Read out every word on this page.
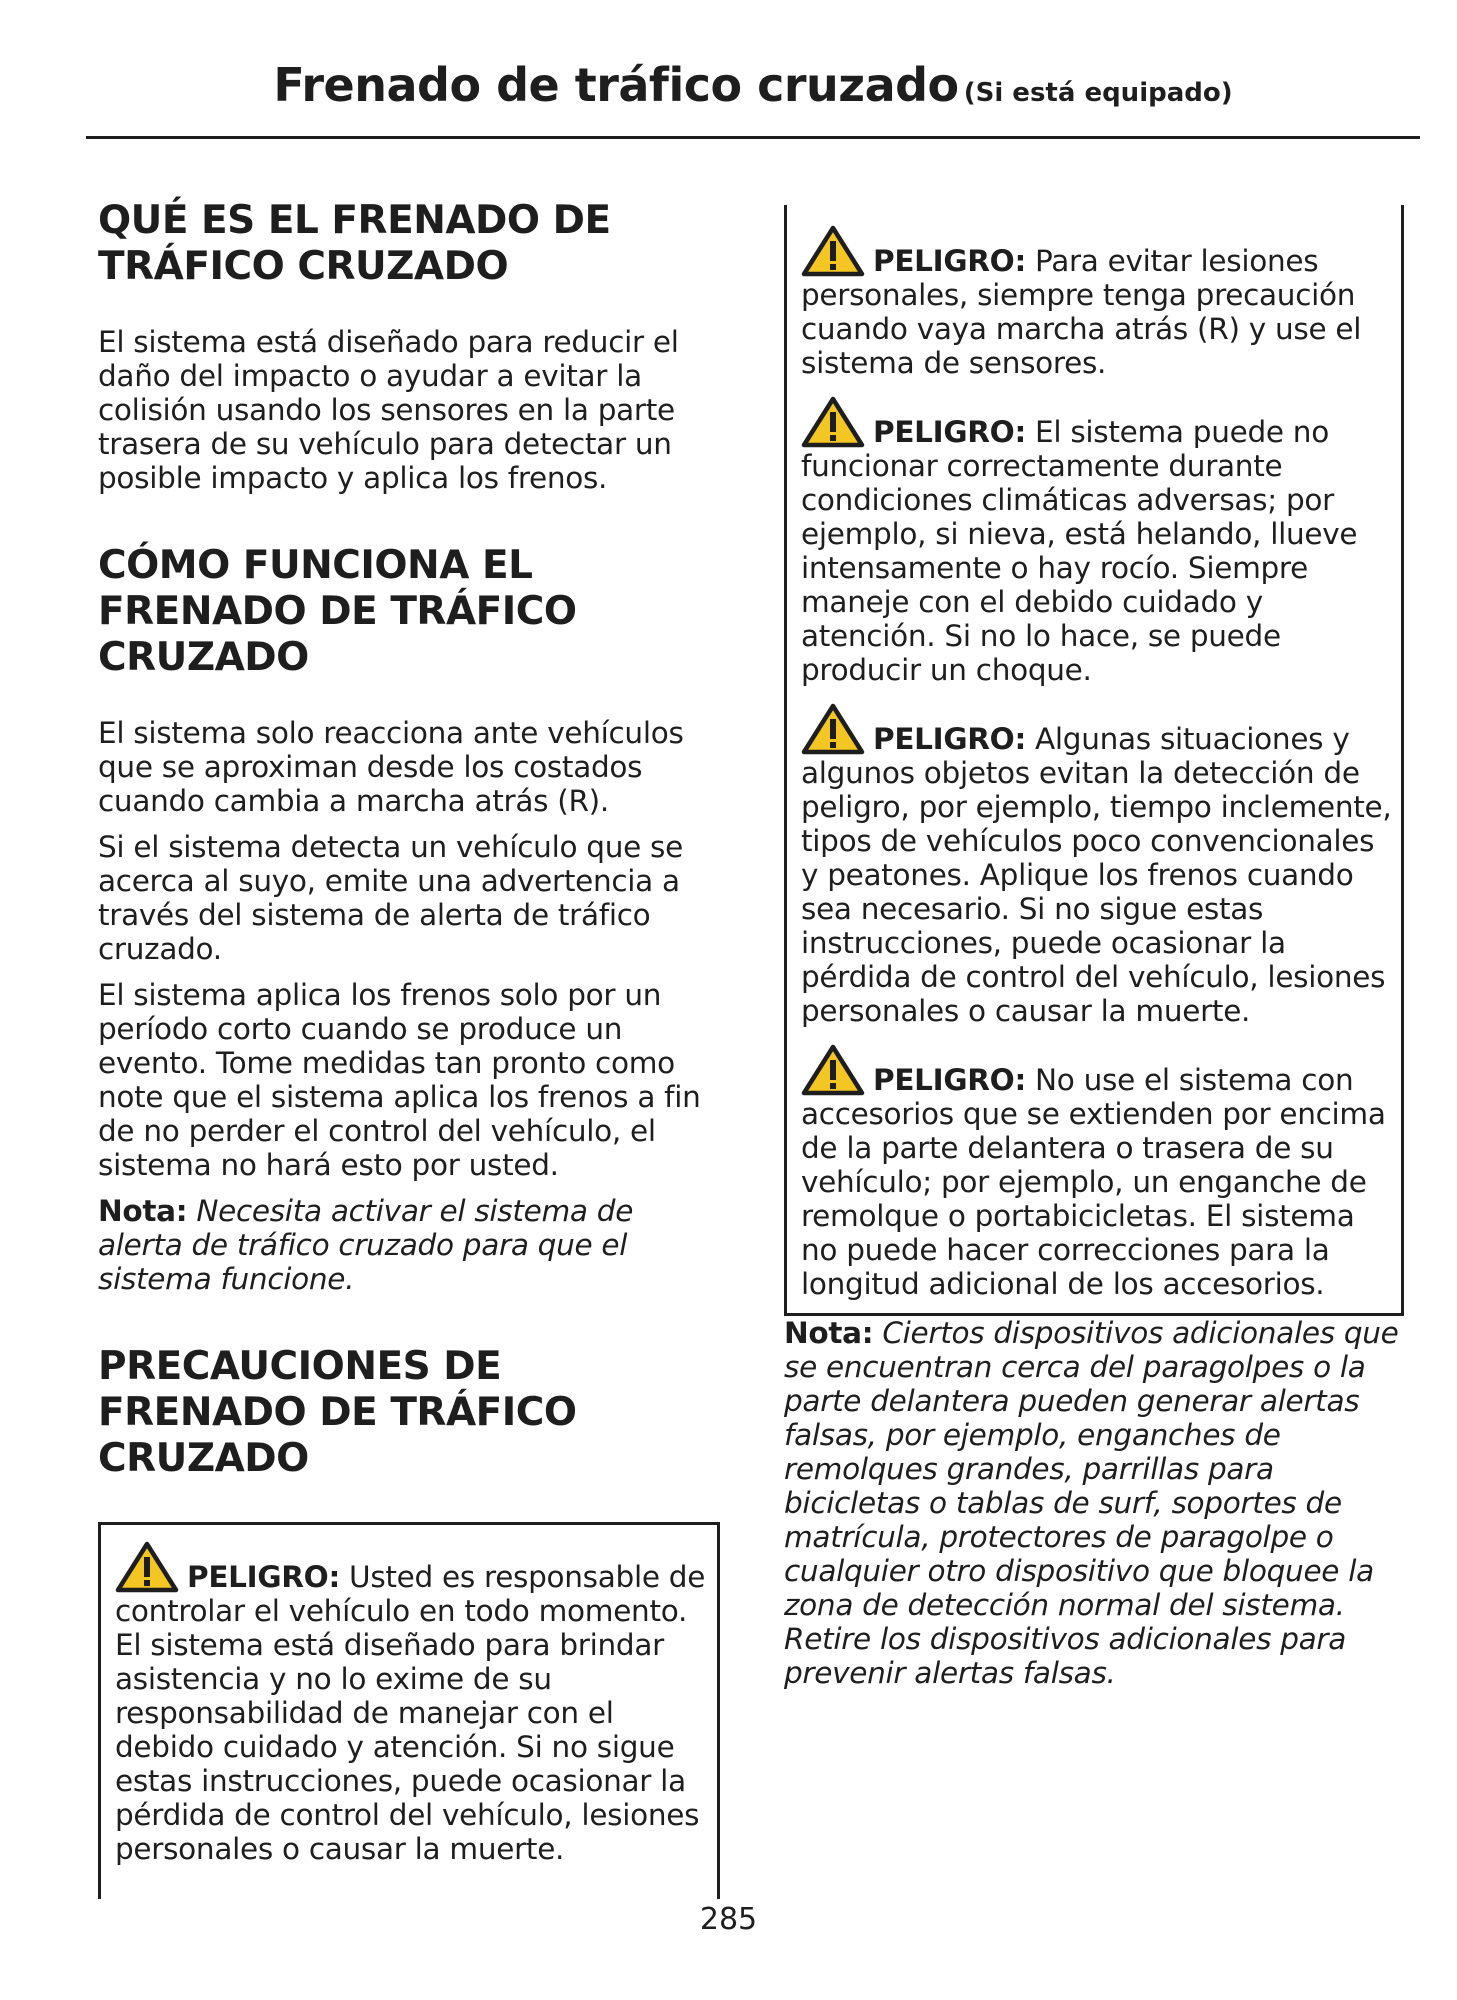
Frenado de tráfico cruzado (Si está equipado)
QUÉ ES EL FRENADO DE TRÁFICO CRUZADO

El sistema está diseñado para reducir el daño del impacto o ayudar a evitar la colisión usando los sensores en la parte trasera de su vehículo para detectar un posible impacto y aplica los frenos.

CÓMO FUNCIONA EL FRENADO DE TRÁFICO CRUZADO

El sistema solo reacciona ante vehículos que se aproximan desde los costados cuando cambia a marcha atrás (R).

Si el sistema detecta un vehículo que se acerca al suyo, emite una advertencia a través del sistema de alerta de tráfico cruzado.

El sistema aplica los frenos solo por un período corto cuando se produce un evento. Tome medidas tan pronto como note que el sistema aplica los frenos a fin de no perder el control del vehículo, el sistema no hará esto por usted.

Nota: Necesita activar el sistema de alerta de tráfico cruzado para que el sistema funcione.

PRECAUCIONES DE FRENADO DE TRÁFICO CRUZADO

PELIGRO: Usted es responsable de controlar el vehículo en todo momento. El sistema está diseñado para brindar asistencia y no lo exime de su responsabilidad de manejar con el debido cuidado y atención. Si no sigue estas instrucciones, puede ocasionar la pérdida de control del vehículo, lesiones personales o causar la muerte.

PELIGRO: Para evitar lesiones personales, siempre tenga precaución cuando vaya marcha atrás (R) y use el sistema de sensores.

PELIGRO: El sistema puede no funcionar correctamente durante condiciones climáticas adversas; por ejemplo, si nieva, está helando, llueve intensamente o hay rocío. Siempre maneje con el debido cuidado y atención. Si no lo hace, se puede producir un choque.

PELIGRO: Algunas situaciones y algunos objetos evitan la detección de peligro, por ejemplo, tiempo inclemente, tipos de vehículos poco convencionales y peatones. Aplique los frenos cuando sea necesario. Si no sigue estas instrucciones, puede ocasionar la pérdida de control del vehículo, lesiones personales o causar la muerte.

PELIGRO: No use el sistema con accesorios que se extienden por encima de la parte delantera o trasera de su vehículo; por ejemplo, un enganche de remolque o portabicicletas. El sistema no puede hacer correcciones para la longitud adicional de los accesorios.

Nota: Ciertos dispositivos adicionales que se encuentran cerca del paragolpes o la parte delantera pueden generar alertas falsas, por ejemplo, enganches de remolques grandes, parrillas para bicicletas o tablas de surf, soportes de matrícula, protectores de paragolpe o cualquier otro dispositivo que bloquee la zona de detección normal del sistema. Retire los dispositivos adicionales para prevenir alertas falsas.

285
